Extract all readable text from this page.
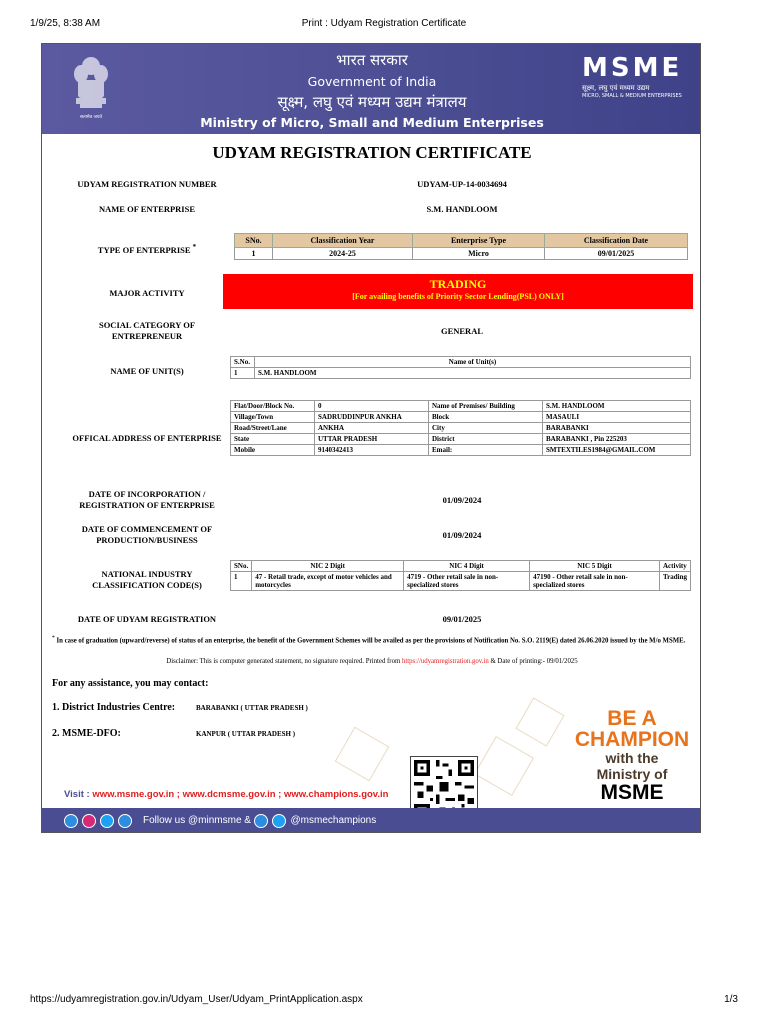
1/9/25, 8:38 AM	Print : Udyam Registration Certificate
सत्यमेव जयते
भारत सरकार
Government of India
सूक्ष्म, लघु एवं मध्यम उद्यम मंत्रालय
Ministry of Micro, Small and Medium Enterprises
MSME
सूक्ष्म, लघु एवं मध्यम उद्यम
MICRO, SMALL & MEDIUM ENTERPRISES
UDYAM REGISTRATION CERTIFICATE
UDYAM REGISTRATION NUMBER	UDYAM-UP-14-0034694
NAME OF ENTERPRISE	S.M. HANDLOOM
TYPE OF ENTERPRISE *
SNo.	Classification Year	Enterprise Type	Classification Date
1	2024-25	Micro	09/01/2025
MAJOR ACTIVITY
TRADING
[For availing benefits of Priority Sector Lending(PSL) ONLY]
SOCIAL CATEGORY OF
ENTREPRENEUR	GENERAL
NAME OF UNIT(S)
S.No.	Name of Unit(s)
1	S.M. HANDLOOM
OFFICAL ADDRESS OF ENTERPRISE
Flat/Door/Block No.	0	Name of Premises/ Building	S.M. HANDLOOM
Village/Town	SADRUDDINPUR ANKHA	Block	MASAULI
Road/Street/Lane	ANKHA	City	BARABANKI
State	UTTAR PRADESH	District	BARABANKI , Pin 225203
Mobile	9140342413	Email:	SMTEXTILES1984@GMAIL.COM
DATE OF INCORPORATION /
REGISTRATION OF ENTERPRISE	01/09/2024
DATE OF COMMENCEMENT OF
PRODUCTION/BUSINESS	01/09/2024
NATIONAL INDUSTRY
CLASSIFICATION CODE(S)
SNo.	NIC 2 Digit	NIC 4 Digit	NIC 5 Digit	Activity
1	47 - Retail trade, except of motor vehicles and motorcycles	4719 - Other retail sale in non-specialized stores	47190 - Other retail sale in non-specialized stores	Trading
DATE OF UDYAM REGISTRATION	09/01/2025
* In case of graduation (upward/reverse) of status of an enterprise, the benefit of the Government Schemes will be availed as per the provisions of Notification No. S.O. 2119(E) dated 26.06.2020 issued by the M/o MSME.
Disclaimer: This is computer generated statement, no signature required. Printed from https://udyamregistration.gov.in & Date of printing:- 09/01/2025
For any assistance, you may contact:
1. District Industries Centre:	BARABANKI ( UTTAR PRADESH )
2. MSME-DFO:	KANPUR ( UTTAR PRADESH )
BE A
CHAMPION
with the
Ministry of
MSME
Visit : www.msme.gov.in ; www.dcmsme.gov.in ; www.champions.gov.in
Follow us @minmsme &	@msmechampions
https://udyamregistration.gov.in/Udyam_User/Udyam_PrintApplication.aspx	1/3
